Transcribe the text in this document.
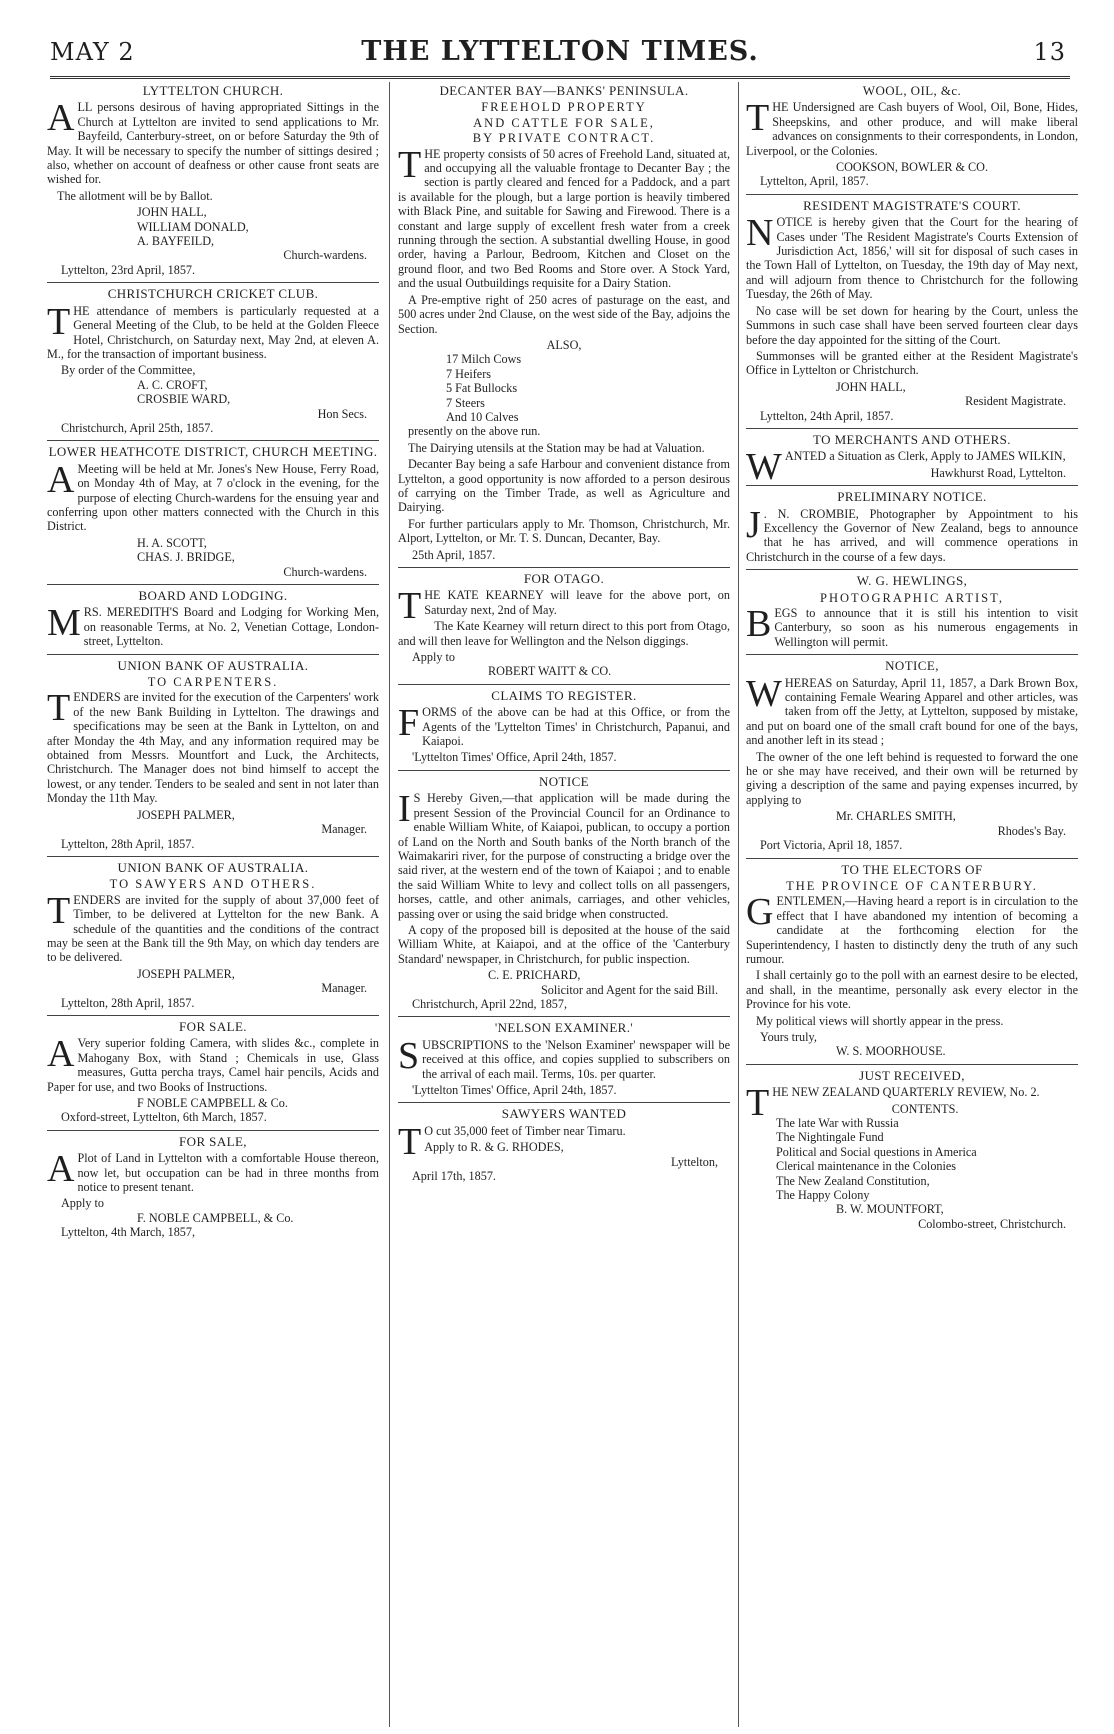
MAY 2	THE LYTTELTON TIMES.	13
LYTTELTON CHURCH.

ALL persons desirous of having appropriated Sittings in the Church at Lyttelton are invited to send applications to Mr. Bayfeild, Canterbury-street, on or before Saturday the 9th of May. It will be necessary to specify the number of sittings desired ; also, whether on account of deafness or other cause front seats are wished for.

The allotment will be by Ballot.

JOHN HALL,
WILLIAM DONALD,
A. BAYFEILD,
Church-wardens.
Lyttelton, 23rd April, 1857.
CHRISTCHURCH CRICKET CLUB.

THE attendance of members is particularly requested at a General Meeting of the Club, to be held at the Golden Fleece Hotel, Christchurch, on Saturday next, May 2nd, at eleven A. M., for the transaction of important business.

By order of the Committee,
A. C. CROFT,
CROSBIE WARD,
Hon Secs.
Christchurch, April 25th, 1857.
LOWER HEATHCOTE DISTRICT, CHURCH MEETING.

A Meeting will be held at Mr. Jones's New House, Ferry Road, on Monday 4th of May, at 7 o'clock in the evening, for the purpose of electing Church-wardens for the ensuing year and conferring upon other matters connected with the Church in this District.

H. A. SCOTT,
CHAS. J. BRIDGE,
Church-wardens.
BOARD AND LODGING.

MRS. MEREDITH'S Board and Lodging for Working Men, on reasonable Terms, at No. 2, Venetian Cottage, London-street, Lyttelton.

UNION BANK OF AUSTRALIA.
TO CARPENTERS.

TENDERS are invited for the execution of the Carpenters' work of the new Bank Building in Lyttelton. The drawings and specifications may be seen at the Bank in Lyttelton, on and after Monday the 4th May, and any information required may be obtained from Messrs. Mountfort and Luck, the Architects, Christchurch. The Manager does not bind himself to accept the lowest, or any tender. Tenders to be sealed and sent in not later than Monday the 11th May.

JOSEPH PALMER,
Manager.
Lyttelton, 28th April, 1857.
UNION BANK OF AUSTRALIA.
TO SAWYERS AND OTHERS.

TENDERS are invited for the supply of about 37,000 feet of Timber, to be delivered at Lyttelton for the new Bank. A schedule of the quantities and the conditions of the contract may be seen at the Bank till the 9th May, on which day tenders are to be delivered.

JOSEPH PALMER,
Manager.
Lyttelton, 28th April, 1857.
FOR SALE.

A Very superior folding Camera, with slides &c., complete in Mahogany Box, with Stand ; Chemicals in use, Glass measures, Gutta percha trays, Camel hair pencils, Acids and Paper for use, and two Books of Instructions.

F NOBLE CAMPBELL & Co.
Oxford-street, Lyttelton, 6th March, 1857.
FOR SALE,

A Plot of Land in Lyttelton with a comfortable House thereon, now let, but occupation can be had in three months from notice to present tenant.

Apply to
F. NOBLE CAMPBELL, & Co.
Lyttelton, 4th March, 1857,
DECANTER BAY—BANKS' PENINSULA.
FREEHOLD PROPERTY
AND CATTLE FOR SALE,
BY PRIVATE CONTRACT.

THE property consists of 50 acres of Freehold Land, situated at, and occupying all the valuable frontage to Decanter Bay ; the section is partly cleared and fenced for a Paddock, and a part is available for the plough, but a large portion is heavily timbered with Black Pine, and suitable for Sawing and Firewood. There is a constant and large supply of excellent fresh water from a creek running through the section. A substantial dwelling House, in good order, having a Parlour, Bedroom, Kitchen and Closet on the ground floor, and two Bed Rooms and Store over. A Stock Yard, and the usual Outbuildings requisite for a Dairy Station.

A Pre-emptive right of 250 acres of pasturage on the east, and 500 acres under 2nd Clause, on the west side of the Bay, adjoins the Section.

ALSO,
17 Milch Cows
7 Heifers
5 Fat Bullocks
7 Steers
And 10 Calves

presently on the above run.

The Dairying utensils at the Station may be had at Valuation.

Decanter Bay being a safe Harbour and convenient distance from Lyttelton, a good opportunity is now afforded to a person desirous of carrying on the Timber Trade, as well as Agriculture and Dairying.

For further particulars apply to Mr. Thomson, Christchurch, Mr. Alport, Lyttelton, or Mr. T. S. Duncan, Decanter, Bay.

25th April, 1857.
FOR OTAGO.

THE KATE KEARNEY will leave for the above port, on Saturday next, 2nd of May.

The Kate Kearney will return direct to this port from Otago, and will then leave for Wellington and the Nelson diggings.

Apply to
ROBERT WAITT & CO.
CLAIMS TO REGISTER.

FORMS of the above can be had at this Office, or from the Agents of the 'Lyttelton Times' in Christchurch, Papanui, and Kaiapoi.

'Lyttelton Times' Office, April 24th, 1857.
NOTICE

I S Hereby Given,—that application will be made during the present Session of the Provincial Council for an Ordinance to enable William White, of Kaiapoi, publican, to occupy a portion of Land on the North and South banks of the North branch of the Waimakariri river, for the purpose of constructing a bridge over the said river, at the western end of the town of Kaiapoi ; and to enable the said William White to levy and collect tolls on all passengers, horses, cattle, and other animals, carriages, and other vehicles, passing over or using the said bridge when constructed.

A copy of the proposed bill is deposited at the house of the said William White, at Kaiapoi, and at the office of the 'Canterbury Standard' newspaper, in Christchurch, for public inspection.

C. E. PRICHARD,
Solicitor and Agent for the said Bill.
Christchurch, April 22nd, 1857,
'NELSON EXAMINER.'

SUBSCRIPTIONS to the 'Nelson Examiner' newspaper will be received at this office, and copies supplied to subscribers on the arrival of each mail. Terms, 10s. per quarter.

'Lyttelton Times' Office, April 24th, 1857.
SAWYERS WANTED

T O cut 35,000 feet of Timber near Timaru.

Apply to R. & G. RHODES,
Lyttelton,
April 17th, 1857.
WOOL, OIL, &c.

THE Undersigned are Cash buyers of Wool, Oil, Bone, Hides, Sheepskins, and other produce, and will make liberal advances on consignments to their correspondents, in London, Liverpool, or the Colonies.

COOKSON, BOWLER & CO.
Lyttelton, April, 1857.
RESIDENT MAGISTRATE'S COURT.

NOTICE is hereby given that the Court for the hearing of Cases under 'The Resident Magistrate's Courts Extension of Jurisdiction Act, 1856,' will sit for disposal of such cases in the Town Hall of Lyttelton, on Tuesday, the 19th day of May next, and will adjourn from thence to Christchurch for the following Tuesday, the 26th of May.

No case will be set down for hearing by the Court, unless the Summons in such case shall have been served fourteen clear days before the day appointed for the sitting of the Court.

Summonses will be granted either at the Resident Magistrate's Office in Lyttelton or Christchurch.

JOHN HALL,
Resident Magistrate.
Lyttelton, 24th April, 1857.
TO MERCHANTS AND OTHERS.

WANTED a Situation as Clerk, Apply to JAMES WILKIN,

Hawkhurst Road, Lyttelton.
PRELIMINARY NOTICE.

J . N. CROMBIE, Photographer by Appointment to his Excellency the Governor of New Zealand, begs to announce that he has arrived, and will commence operations in Christchurch in the course of a few days.

W. G. HEWLINGS,
PHOTOGRAPHIC ARTIST,

BEGS to announce that it is still his intention to visit Canterbury, so soon as his numerous engagements in Wellington will permit.

NOTICE,

WHEREAS on Saturday, April 11, 1857, a Dark Brown Box, containing Female Wearing Apparel and other articles, was taken from off the Jetty, at Lyttelton, supposed by mistake, and put on board one of the small craft bound for one of the bays, and another left in its stead ;

The owner of the one left behind is requested to forward the one he or she may have received, and their own will be returned by giving a description of the same and paying expenses incurred, by applying to

Mr. CHARLES SMITH,
Rhodes's Bay.
Port Victoria, April 18, 1857.
TO THE ELECTORS OF
THE PROVINCE OF CANTERBURY.

GENTLEMEN,—Having heard a report is in circulation to the effect that I have abandoned my intention of becoming a candidate at the forthcoming election for the Superintendency, I hasten to distinctly deny the truth of any such rumour.

I shall certainly go to the poll with an earnest desire to be elected, and shall, in the meantime, personally ask every elector in the Province for his vote.

My political views will shortly appear in the press.

Yours truly,
W. S. MOORHOUSE.
JUST RECEIVED,

THE NEW ZEALAND QUARTERLY REVIEW, No. 2.

CONTENTS.
The late War with Russia
The Nightingale Fund
Political and Social questions in America
Clerical maintenance in the Colonies
The New Zealand Constitution,
The Happy Colony
B. W. MOUNTFORT,
Colombo-street, Christchurch.
